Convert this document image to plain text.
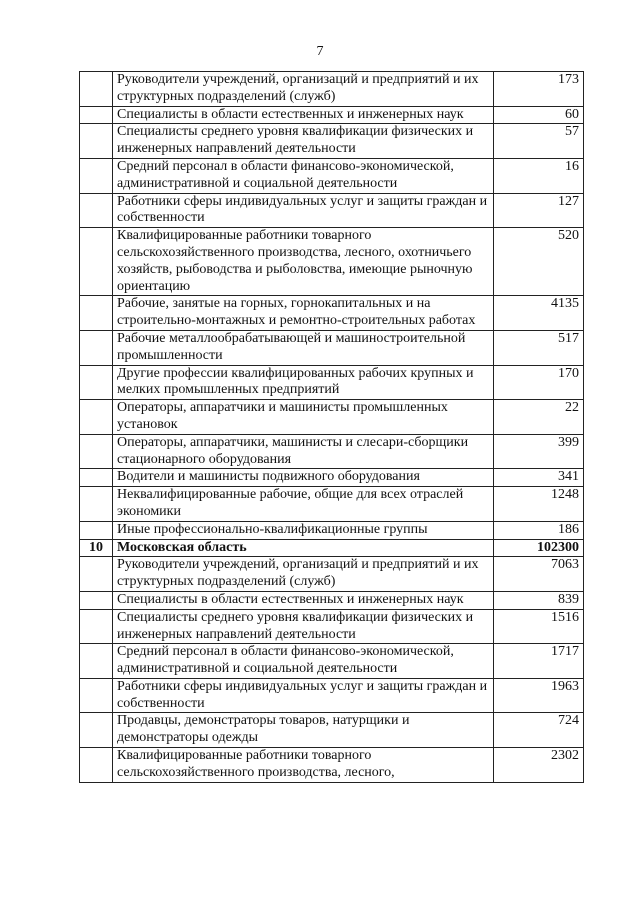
7
	Руководители учреждений, организаций и предприятий и их структурных подразделений (служб)	173
	Специалисты в области естественных и инженерных наук	60
	Специалисты среднего уровня квалификации физических и инженерных направлений деятельности	57
	Средний персонал в области финансово-экономической, административной и социальной деятельности	16
	Работники сферы индивидуальных услуг и защиты граждан и собственности	127
	Квалифицированные работники товарного сельскохозяйственного производства, лесного, охотничьего хозяйств, рыбоводства и рыболовства, имеющие рыночную ориентацию	520
	Рабочие, занятые на горных, горнокапитальных и на строительно-монтажных и ремонтно-строительных работах	4135
	Рабочие металлообрабатывающей и машиностроительной промышленности	517
	Другие профессии квалифицированных рабочих крупных и мелких промышленных предприятий	170
	Операторы, аппаратчики и машинисты промышленных установок	22
	Операторы, аппаратчики, машинисты и слесари-сборщики стационарного оборудования	399
	Водители и машинисты подвижного оборудования	341
	Неквалифицированные рабочие, общие для всех отраслей экономики	1248
	Иные профессионально-квалификационные группы	186
10	Московская область	102300
	Руководители учреждений, организаций и предприятий и их структурных подразделений (служб)	7063
	Специалисты в области естественных и инженерных наук	839
	Специалисты среднего уровня квалификации физических и инженерных направлений деятельности	1516
	Средний персонал в области финансово-экономической, административной и социальной деятельности	1717
	Работники сферы индивидуальных услуг и защиты граждан и собственности	1963
	Продавцы, демонстраторы товаров, натурщики и демонстраторы одежды	724
	Квалифицированные работники товарного сельскохозяйственного производства, лесного,	2302
